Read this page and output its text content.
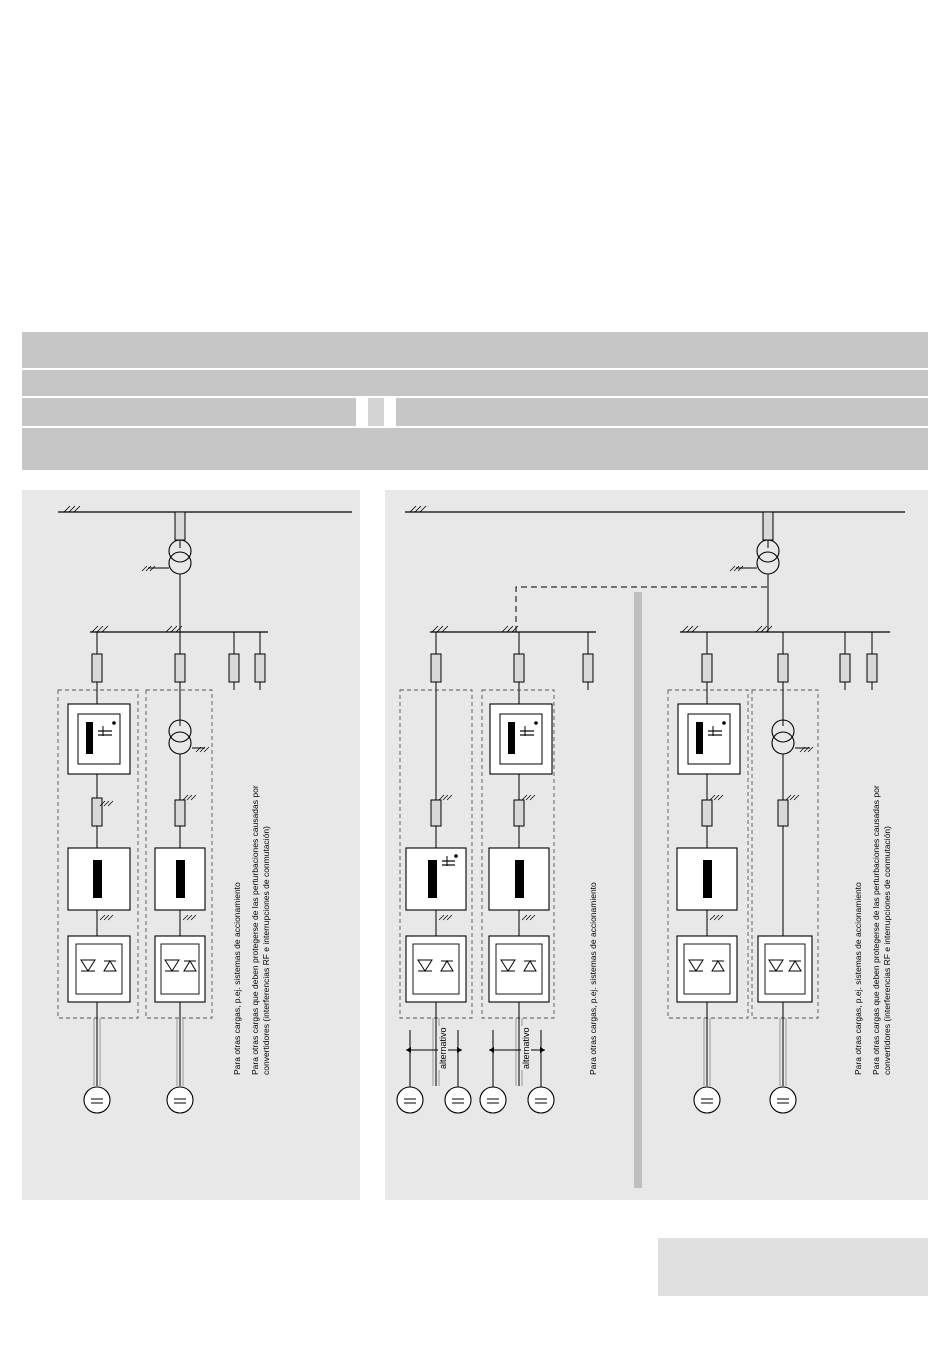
Para otras cargas, p.ej. sistemas de accionamiento Para otras cargas que deben protegerse de las perturbaciones causadas por convertidores (interferencias RF e interrupciones de conmutación)	Para otras cargas, p.ej. sistemas de accionamiento	Para otras cargas, p.ej. sistemas de accionamiento Para otras cargas que deben protegerse de las perturbaciones causadas por convertidores (interferencias RF e interrupciones de conmutación)
alternativo	alternativo
